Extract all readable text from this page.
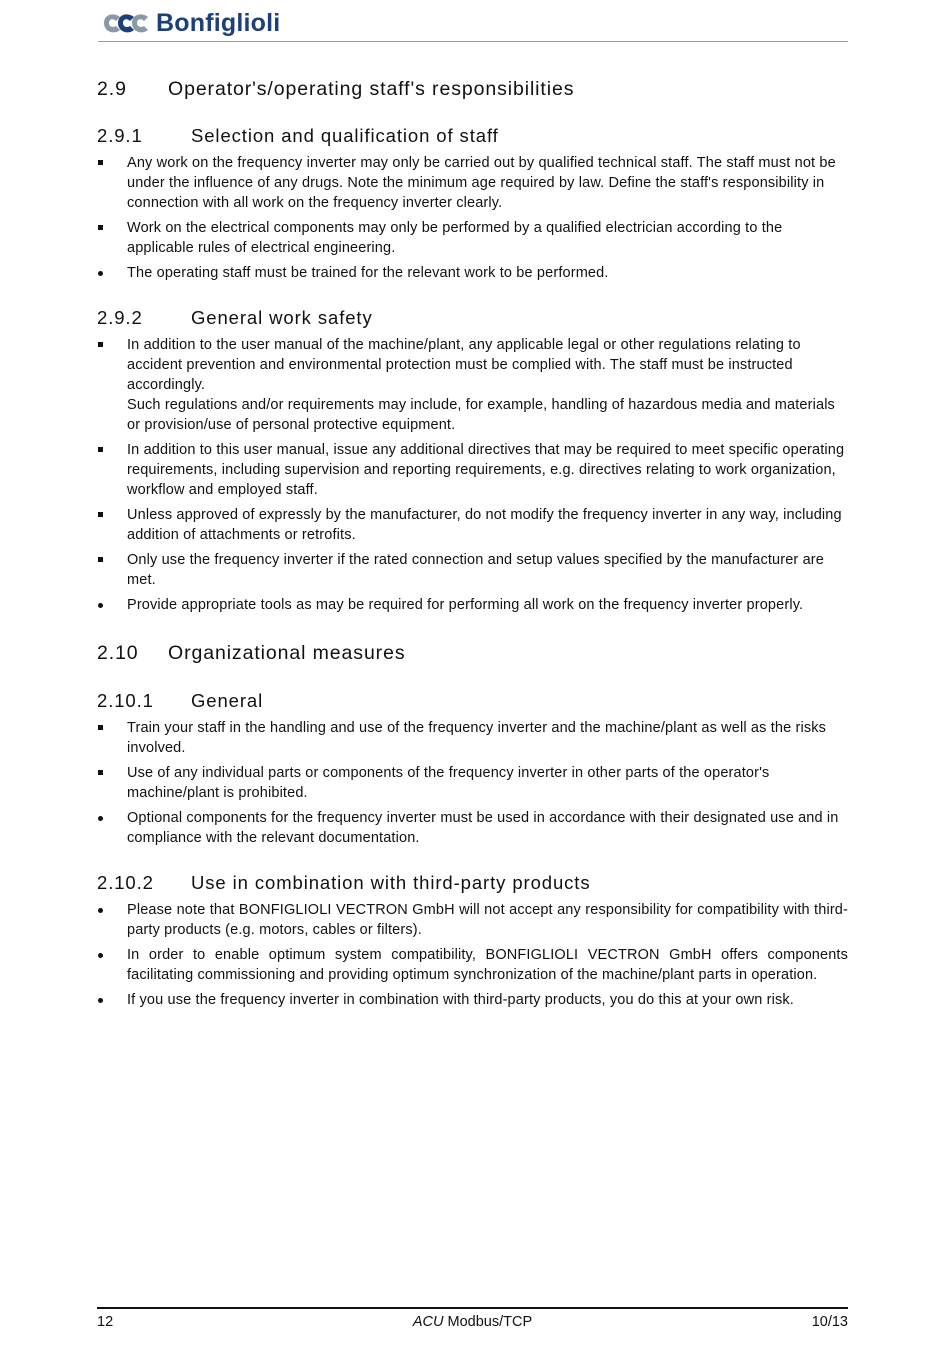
Bonfiglioli
2.9 Operator's/operating staff's responsibilities
2.9.1	Selection and qualification of staff
Any work on the frequency inverter may only be carried out by qualified technical staff. The staff must not be under the influence of any drugs. Note the minimum age required by law. Define the staff's responsibility in connection with all work on the frequency inverter clearly.
Work on the electrical components may only be performed by a qualified electrician according to the applicable rules of electrical engineering.
The operating staff must be trained for the relevant work to be performed.
2.9.2	General work safety
In addition to the user manual of the machine/plant, any applicable legal or other regulations relating to accident prevention and environmental protection must be complied with. The staff must be instructed accordingly.
Such regulations and/or requirements may include, for example, handling of hazardous media and materials or provision/use of personal protective equipment.
In addition to this user manual, issue any additional directives that may be required to meet specific operating requirements, including supervision and reporting requirements, e.g. directives relating to work organization, workflow and employed staff.
Unless approved of expressly by the manufacturer, do not modify the frequency inverter in any way, including addition of attachments or retrofits.
Only use the frequency inverter if the rated connection and setup values specified by the manufacturer are met.
Provide appropriate tools as may be required for performing all work on the frequency inverter properly.
2.10 Organizational measures
2.10.1 General
Train your staff in the handling and use of the frequency inverter and the machine/plant as well as the risks involved.
Use of any individual parts or components of the frequency inverter in other parts of the operator's machine/plant is prohibited.
Optional components for the frequency inverter must be used in accordance with their designated use and in compliance with the relevant documentation.
2.10.2 Use in combination with third-party products
Please note that BONFIGLIOLI VECTRON GmbH will not accept any responsibility for compatibility with third-party products (e.g. motors, cables or filters).
In order to enable optimum system compatibility, BONFIGLIOLI VECTRON GmbH offers components facilitating commissioning and providing optimum synchronization of the machine/plant parts in operation.
If you use the frequency inverter in combination with third-party products, you do this at your own risk.
12	ACU Modbus/TCP	10/13
